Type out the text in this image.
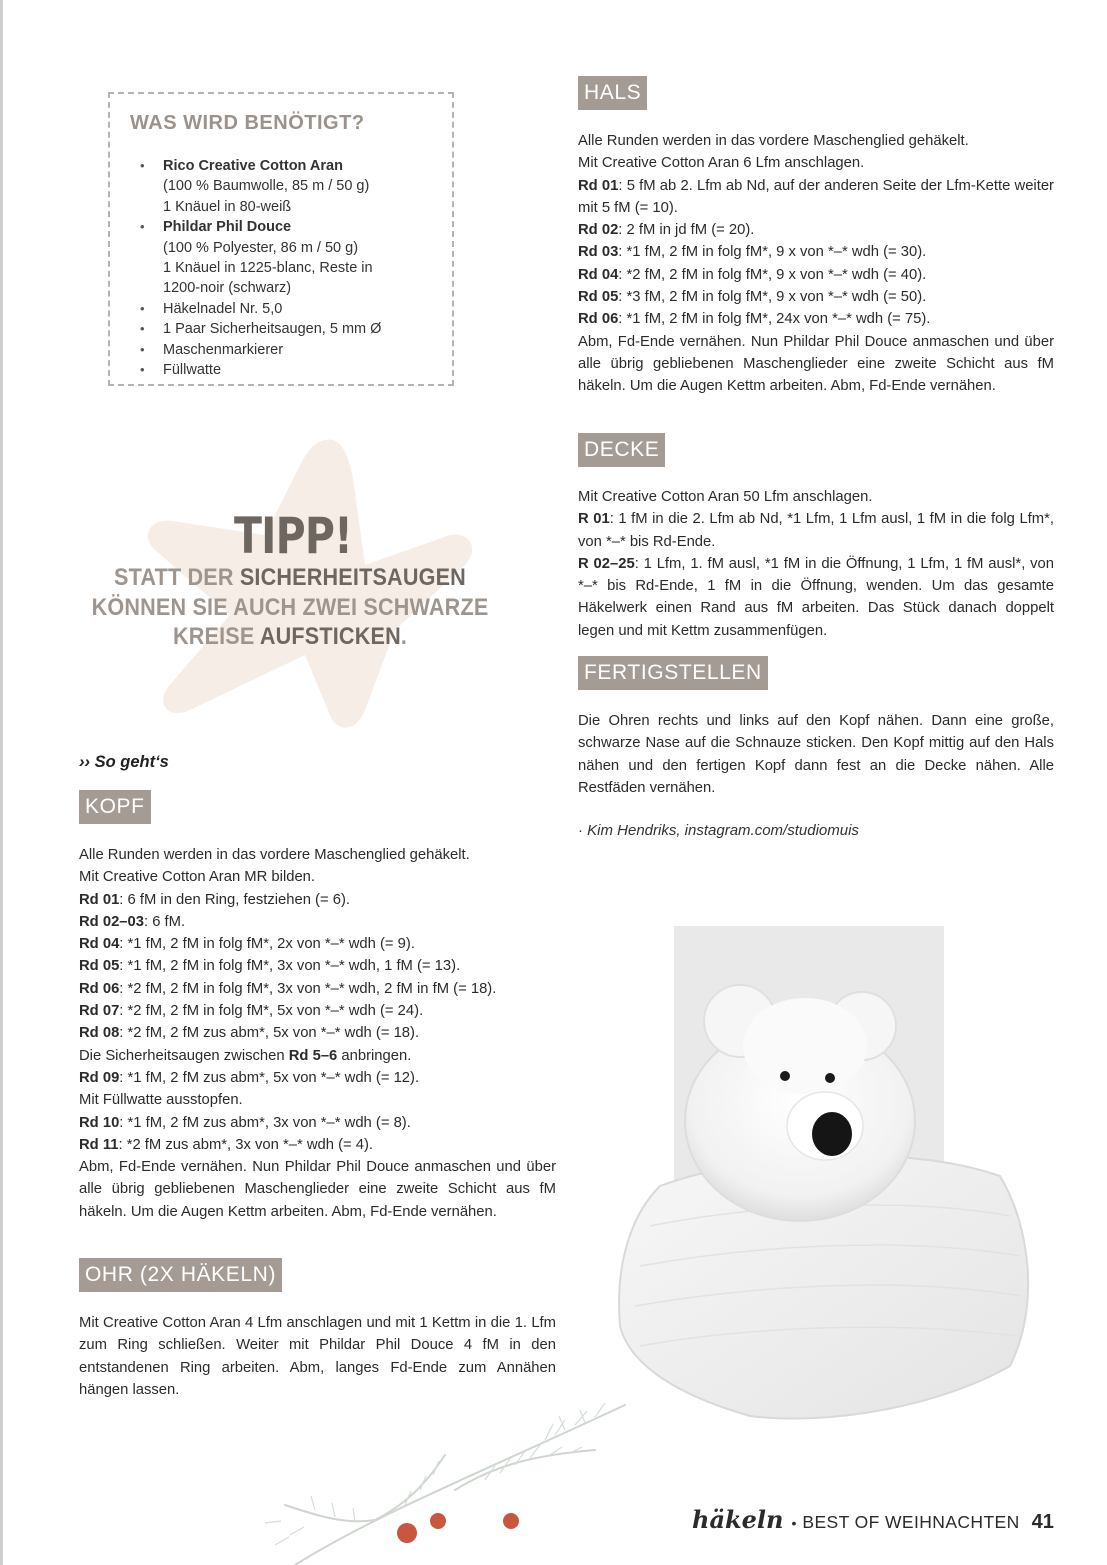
WAS WIRD BENÖTIGT?
• Rico Creative Cotton Aran
(100 % Baumwolle, 85 m / 50 g)
1 Knäuel in 80-weiß
• Phildar Phil Douce
(100 % Polyester, 86 m / 50 g)
1 Knäuel in 1225-blanc, Reste in
1200-noir (schwarz)
• Häkelnadel Nr. 5,0
• 1 Paar Sicherheitsaugen, 5 mm Ø
• Maschenmarkierer
• Füllwatte
TIPP!
STATT DER SICHERHEITSAUGEN
KÖNNEN SIE AUCH ZWEI SCHWARZE
KREISE AUFSTICKEN.
›› So geht‘s
KOPF

Alle Runden werden in das vordere Maschenglied gehäkelt.

Mit Creative Cotton Aran MR bilden.

Rd 01: 6 fM in den Ring, festziehen (= 6).

Rd 02–03: 6 fM.

Rd 04: *1 fM, 2 fM in folg fM*, 2x von *–* wdh (= 9).

Rd 05: *1 fM, 2 fM in folg fM*, 3x von *–* wdh, 1 fM (= 13).

Rd 06: *2 fM, 2 fM in folg fM*, 3x von *–* wdh, 2 fM in fM (= 18).

Rd 07: *2 fM, 2 fM in folg fM*, 5x von *–* wdh (= 24).

Rd 08: *2 fM, 2 fM zus abm*, 5x von *–* wdh (= 18).

Die Sicherheitsaugen zwischen Rd 5–6 anbringen.

Rd 09: *1 fM, 2 fM zus abm*, 5x von *–* wdh (= 12).

Mit Füllwatte ausstopfen.

Rd 10: *1 fM, 2 fM zus abm*, 3x von *–* wdh (= 8).

Rd 11: *2 fM zus abm*, 3x von *–* wdh (= 4).

Abm, Fd-Ende vernähen. Nun Phildar Phil Douce anmaschen und über alle übrig gebliebenen Maschenglieder eine zweite Schicht aus fM häkeln. Um die Augen Kettm arbeiten. Abm, Fd-Ende vernähen.

OHR (2X HÄKELN)
Mit Creative Cotton Aran 4 Lfm anschlagen und mit 1 Kettm in die 1. Lfm zum Ring schließen. Weiter mit Phildar Phil Douce 4 fM in den entstandenen Ring arbeiten. Abm, langes Fd-Ende zum Annähen hängen lassen.
HALS

Alle Runden werden in das vordere Maschenglied gehäkelt.

Mit Creative Cotton Aran 6 Lfm anschlagen.

Rd 01: 5 fM ab 2. Lfm ab Nd, auf der anderen Seite der Lfm-Kette weiter mit 5 fM (= 10).

Rd 02: 2 fM in jd fM (= 20).

Rd 03: *1 fM, 2 fM in folg fM*, 9 x von *–* wdh (= 30).

Rd 04: *2 fM, 2 fM in folg fM*, 9 x von *–* wdh (= 40).

Rd 05: *3 fM, 2 fM in folg fM*, 9 x von *–* wdh (= 50).

Rd 06: *1 fM, 2 fM in folg fM*, 24x von *–* wdh (= 75).

Abm, Fd-Ende vernähen. Nun Phildar Phil Douce anmaschen und über alle übrig gebliebenen Maschenglieder eine zweite Schicht aus fM häkeln. Um die Augen Kettm arbeiten. Abm, Fd-Ende vernähen.

DECKE

Mit Creative Cotton Aran 50 Lfm anschlagen.

R 01: 1 fM in die 2. Lfm ab Nd, *1 Lfm, 1 Lfm ausl, 1 fM in die folg Lfm*, von *–* bis Rd-Ende.

R 02–25: 1 Lfm, 1. fM ausl, *1 fM in die Öffnung, 1 Lfm, 1 fM ausl*, von *–* bis Rd-Ende, 1 fM in die Öffnung, wenden. Um das gesamte Häkelwerk einen Rand aus fM arbeiten. Das Stück danach doppelt legen und mit Kettm zusammenfügen.

FERTIGSTELLEN
Die Ohren rechts und links auf den Kopf nähen. Dann eine große, schwarze Nase auf die Schnauze sticken. Den Kopf mittig auf den Hals nähen und den fertigen Kopf dann fest an die Decke nähen. Alle Restfäden vernähen.
· Kim Hendriks, instagram.com/studiomuis
häkeln • BEST OF WEIHNACHTEN 41
